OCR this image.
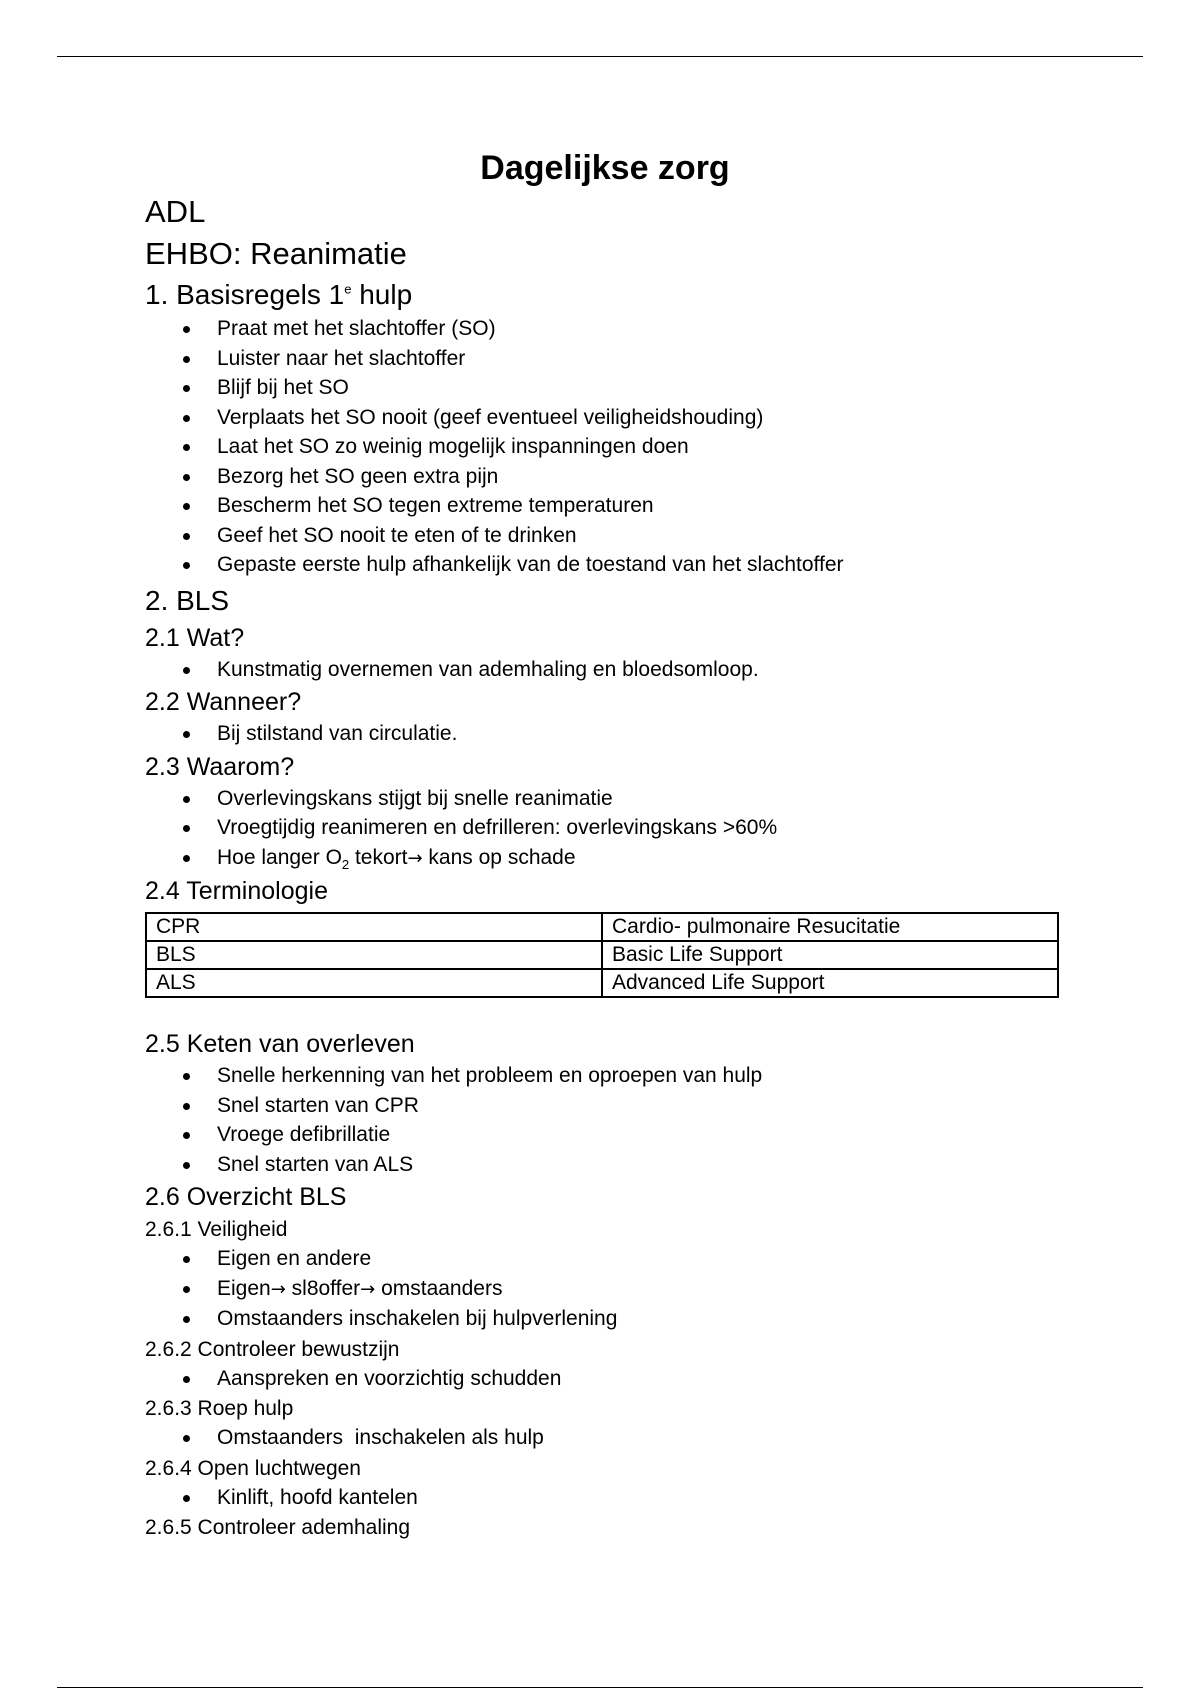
Dagelijkse zorg
ADL
EHBO: Reanimatie
1. Basisregels 1e hulp
Praat met het slachtoffer (SO)
Luister naar het slachtoffer
Blijf bij het SO
Verplaats het SO nooit (geef eventueel veiligheidshouding)
Laat het SO zo weinig mogelijk inspanningen doen
Bezorg het SO geen extra pijn
Bescherm het SO tegen extreme temperaturen
Geef het SO nooit te eten of te drinken
Gepaste eerste hulp afhankelijk van de toestand van het slachtoffer
2. BLS
2.1 Wat?
Kunstmatig overnemen van ademhaling en bloedsomloop.
2.2 Wanneer?
Bij stilstand van circulatie.
2.3 Waarom?
Overlevingskans stijgt bij snelle reanimatie
Vroegtijdig reanimeren en defrilleren: overlevingskans >60%
Hoe langer $O_2$ tekort→ kans op schade
2.4 Terminologie
CPR	Cardio- pulmonaire Resucitatie
BLS	Basic Life Support
ALS	Advanced Life Support
2.5 Keten van overleven
Snelle herkenning van het probleem en oproepen van hulp
Snel starten van CPR
Vroege defibrillatie
Snel starten van ALS
2.6 Overzicht BLS
2.6.1 Veiligheid
Eigen en andere
Eigen→ sl8offer→ omstaanders
Omstaanders inschakelen bij hulpverlening
2.6.2 Controleer bewustzijn
Aanspreken en voorzichtig schudden
2.6.3 Roep hulp
Omstaanders  inschakelen als hulp
2.6.4 Open luchtwegen
Kinlift, hoofd kantelen
2.6.5 Controleer ademhaling
